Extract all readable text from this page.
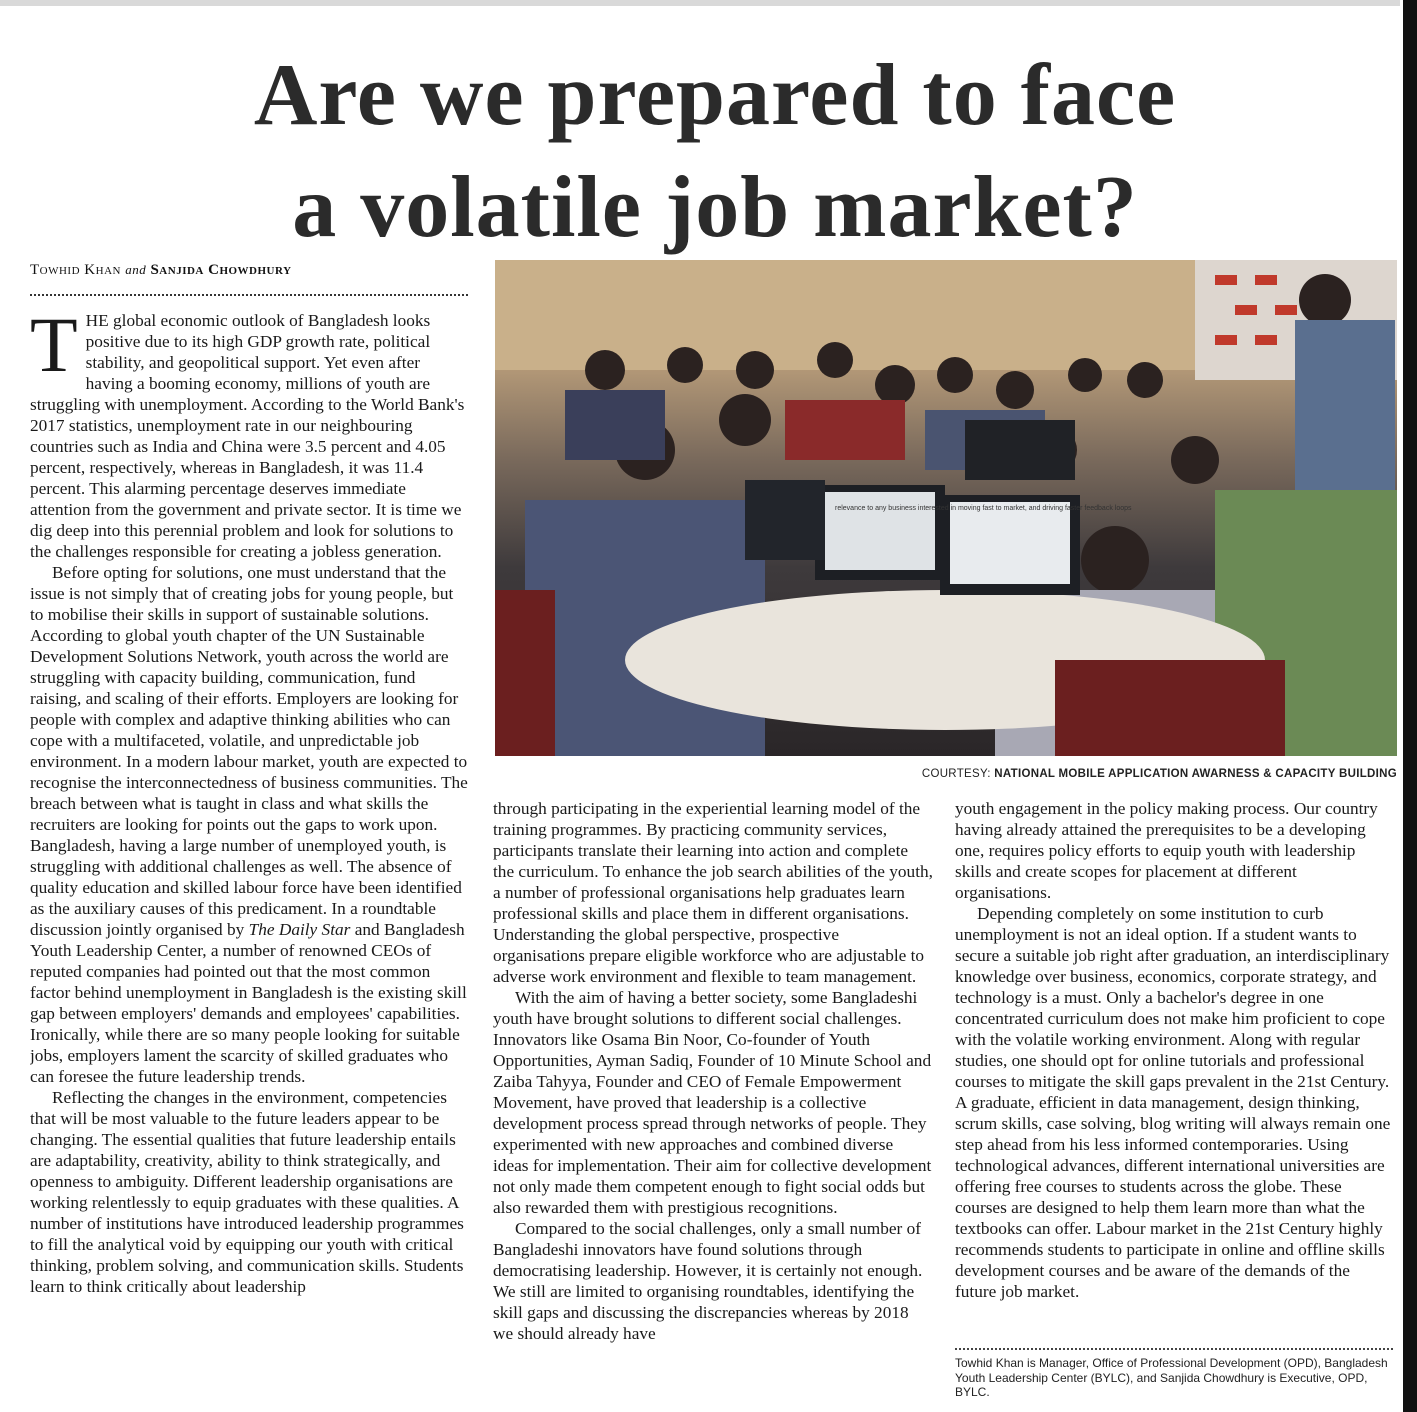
Are we prepared to face
a volatile job market?
Towhid Khan and Sanjida Chowdhury

THE global economic outlook of Bangladesh looks positive due to its high GDP growth rate, political stability, and geopolitical support. Yet even after having a booming economy, millions of youth are struggling with unemployment. According to the World Bank's 2017 statistics, unemployment rate in our neighbouring countries such as India and China were 3.5 percent and 4.05 percent, respectively, whereas in Bangladesh, it was 11.4 percent. This alarming percentage deserves immediate attention from the government and private sector. It is time we dig deep into this perennial problem and look for solutions to the challenges responsible for creating a jobless generation.

Before opting for solutions, one must understand that the issue is not simply that of creating jobs for young people, but to mobilise their skills in support of sustainable solutions. According to global youth chapter of the UN Sustainable Development Solutions Network, youth across the world are struggling with capacity building, communication, fund raising, and scaling of their efforts. Employers are looking for people with complex and adaptive thinking abilities who can cope with a multifaceted, volatile, and unpredictable job environment. In a modern labour market, youth are expected to recognise the interconnectedness of business communities. The breach between what is taught in class and what skills the recruiters are looking for points out the gaps to work upon. Bangladesh, having a large number of unemployed youth, is struggling with additional challenges as well. The absence of quality education and skilled labour force have been identified as the auxiliary causes of this predicament. In a roundtable discussion jointly organised by The Daily Star and Bangladesh Youth Leadership Center, a number of renowned CEOs of reputed companies had pointed out that the most common factor behind unemployment in Bangladesh is the existing skill gap between employers' demands and employees' capabilities. Ironically, while there are so many people looking for suitable jobs, employers lament the scarcity of skilled graduates who can foresee the future leadership trends.

Reflecting the changes in the environment, competencies that will be most valuable to the future leaders appear to be changing. The essential qualities that future leadership entails are adaptability, creativity, ability to think strategically, and openness to ambiguity. Different leadership organisations are working relentlessly to equip graduates with these qualities. A number of institutions have introduced leadership programmes to fill the analytical void by equipping our youth with critical thinking, problem solving, and communication skills. Students learn to think critically about leadership

relevance to any business interested in moving fast to market, and driving faster feedback loops
COURTESY: NATIONAL MOBILE APPLICATION AWARNESS & CAPACITY BUILDING

through participating in the experiential learning model of the training programmes. By practicing community services, participants translate their learning into action and complete the curriculum. To enhance the job search abilities of the youth, a number of professional organisations help graduates learn professional skills and place them in different organisations. Understanding the global perspective, prospective organisations prepare eligible workforce who are adjustable to adverse work environment and flexible to team management.

With the aim of having a better society, some Bangladeshi youth have brought solutions to different social challenges. Innovators like Osama Bin Noor, Co-founder of Youth Opportunities, Ayman Sadiq, Founder of 10 Minute School and Zaiba Tahyya, Founder and CEO of Female Empowerment Movement, have proved that leadership is a collective development process spread through networks of people. They experimented with new approaches and combined diverse ideas for implementation. Their aim for collective development not only made them competent enough to fight social odds but also rewarded them with prestigious recognitions.

Compared to the social challenges, only a small number of Bangladeshi innovators have found solutions through democratising leadership. However, it is certainly not enough. We still are limited to organising roundtables, identifying the skill gaps and discussing the discrepancies whereas by 2018 we should already have

youth engagement in the policy making process. Our country having already attained the prerequisites to be a developing one, requires policy efforts to equip youth with leadership skills and create scopes for placement at different organisations.

Depending completely on some institution to curb unemployment is not an ideal option. If a student wants to secure a suitable job right after graduation, an interdisciplinary knowledge over business, economics, corporate strategy, and technology is a must. Only a bachelor's degree in one concentrated curriculum does not make him proficient to cope with the volatile working environment. Along with regular studies, one should opt for online tutorials and professional courses to mitigate the skill gaps prevalent in the 21st Century. A graduate, efficient in data management, design thinking, scrum skills, case solving, blog writing will always remain one step ahead from his less informed contemporaries. Using technological advances, different international universities are offering free courses to students across the globe. These courses are designed to help them learn more than what the textbooks can offer. Labour market in the 21st Century highly recommends students to participate in online and offline skills development courses and be aware of the demands of the future job market.

Towhid Khan is Manager, Office of Professional Development (OPD), Bangladesh Youth Leadership Center (BYLC), and Sanjida Chowdhury is Executive, OPD, BYLC.
